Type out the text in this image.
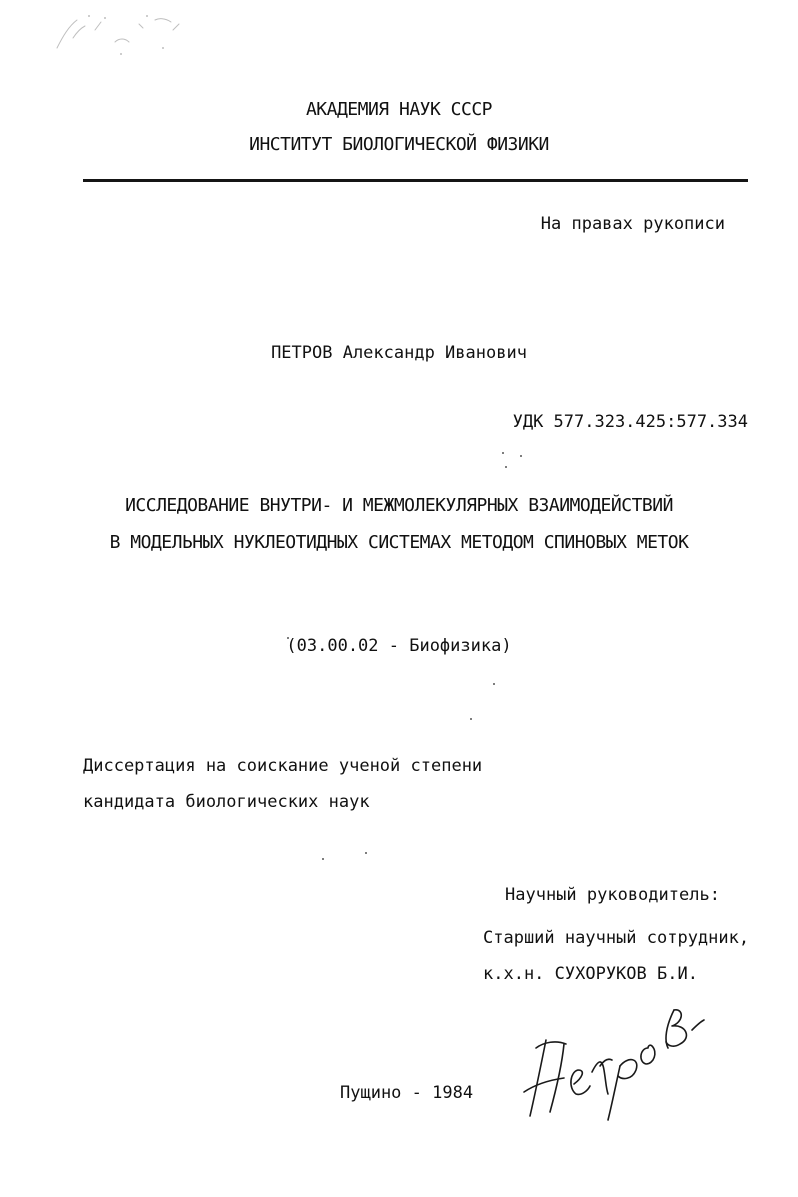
АКАДЕМИЯ НАУК СССР

ИНСТИТУТ БИОЛОГИЧЕСКОЙ ФИЗИКИ

На правах рукописи

ПЕТРОВ Александр Иванович

УДК 577.323.425:577.334

ИССЛЕДОВАНИЕ ВНУТРИ- И МЕЖМОЛЕКУЛЯРНЫХ ВЗАИМОДЕЙСТВИЙ

В МОДЕЛЬНЫХ НУКЛЕОТИДНЫХ СИСТЕМАХ МЕТОДОМ СПИНОВЫХ МЕТОК

(03.00.02 - Биофизика)

Диссертация на соискание ученой степени

кандидата биологических наук

Научный руководитель:

Старший научный сотрудник,

к.х.н. СУХОРУКОВ Б.И.

Пущино - 1984

Петров
